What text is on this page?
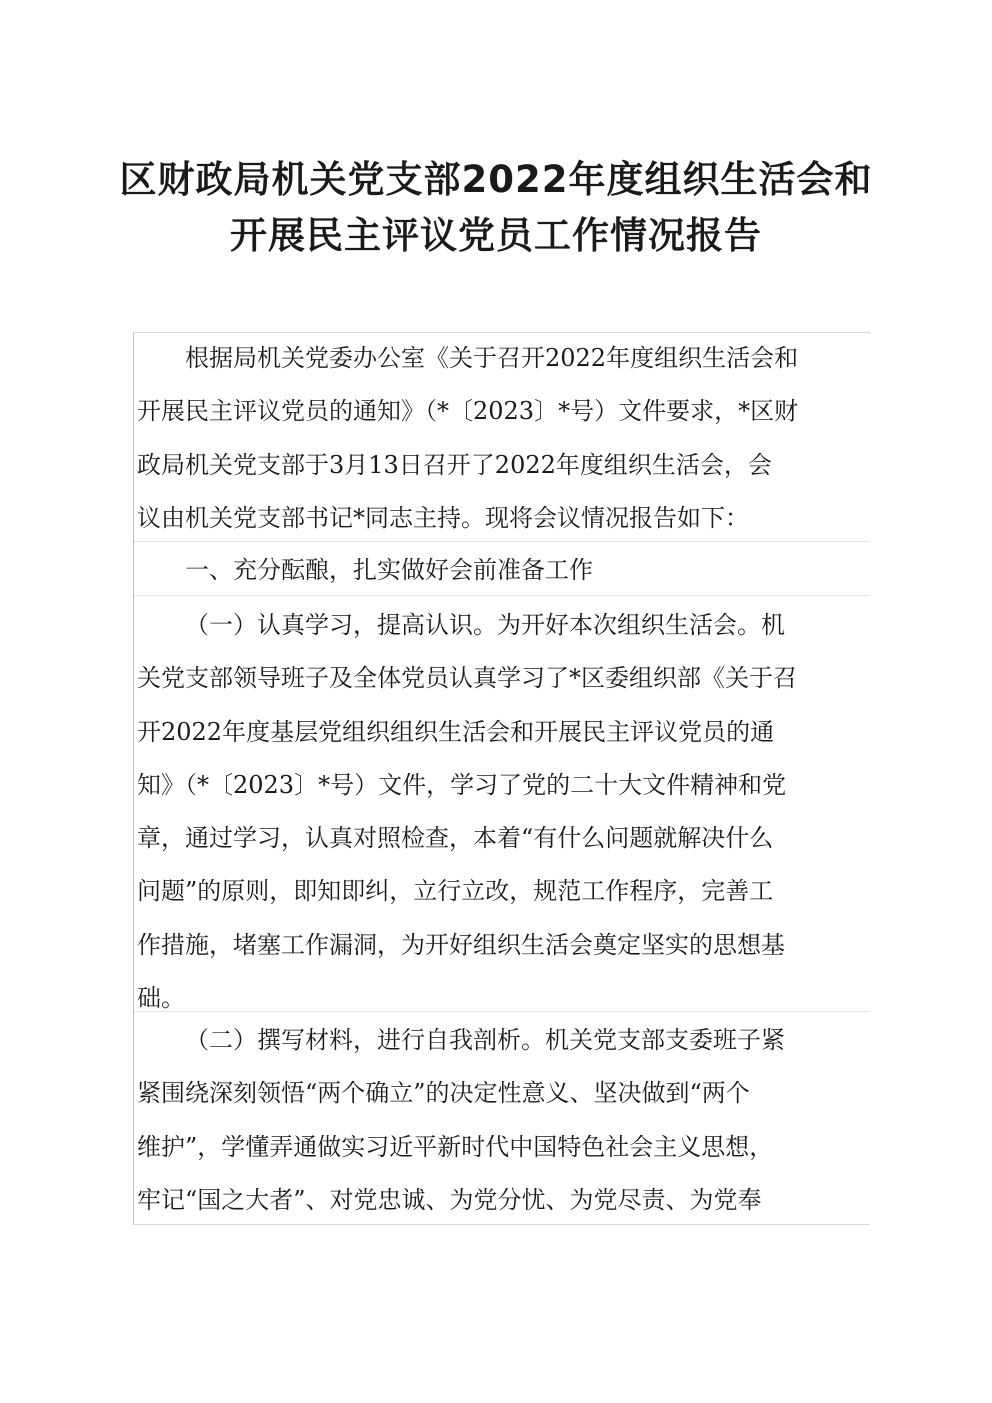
区财政局机关党支部2022年度组织生活会和
开展民主评议党员工作情况报告
根据局机关党委办公室《关于召开2022年度组织生活会和
开展民主评议党员的通知》（*〔2023〕*号）文件要求，*区财
政局机关党支部于3月13日召开了2022年度组织生活会，会
议由机关党支部书记*同志主持。现将会议情况报告如下：
一、充分酝酿，扎实做好会前准备工作
（一）认真学习，提高认识。为开好本次组织生活会。机
关党支部领导班子及全体党员认真学习了*区委组织部《关于召
开2022年度基层党组织组织生活会和开展民主评议党员的通
知》（*〔2023〕*号）文件，学习了党的二十大文件精神和党
章，通过学习，认真对照检查，本着“有什么问题就解决什么
问题”的原则，即知即纠，立行立改，规范工作程序，完善工
作措施，堵塞工作漏洞，为开好组织生活会奠定坚实的思想基
础。
（二）撰写材料，进行自我剖析。机关党支部支委班子紧
紧围绕深刻领悟“两个确立”的决定性意义、坚决做到“两个
维护”，学懂弄通做实习近平新时代中国特色社会主义思想，
牢记“国之大者”、对党忠诚、为党分忧、为党尽责、为党奉
